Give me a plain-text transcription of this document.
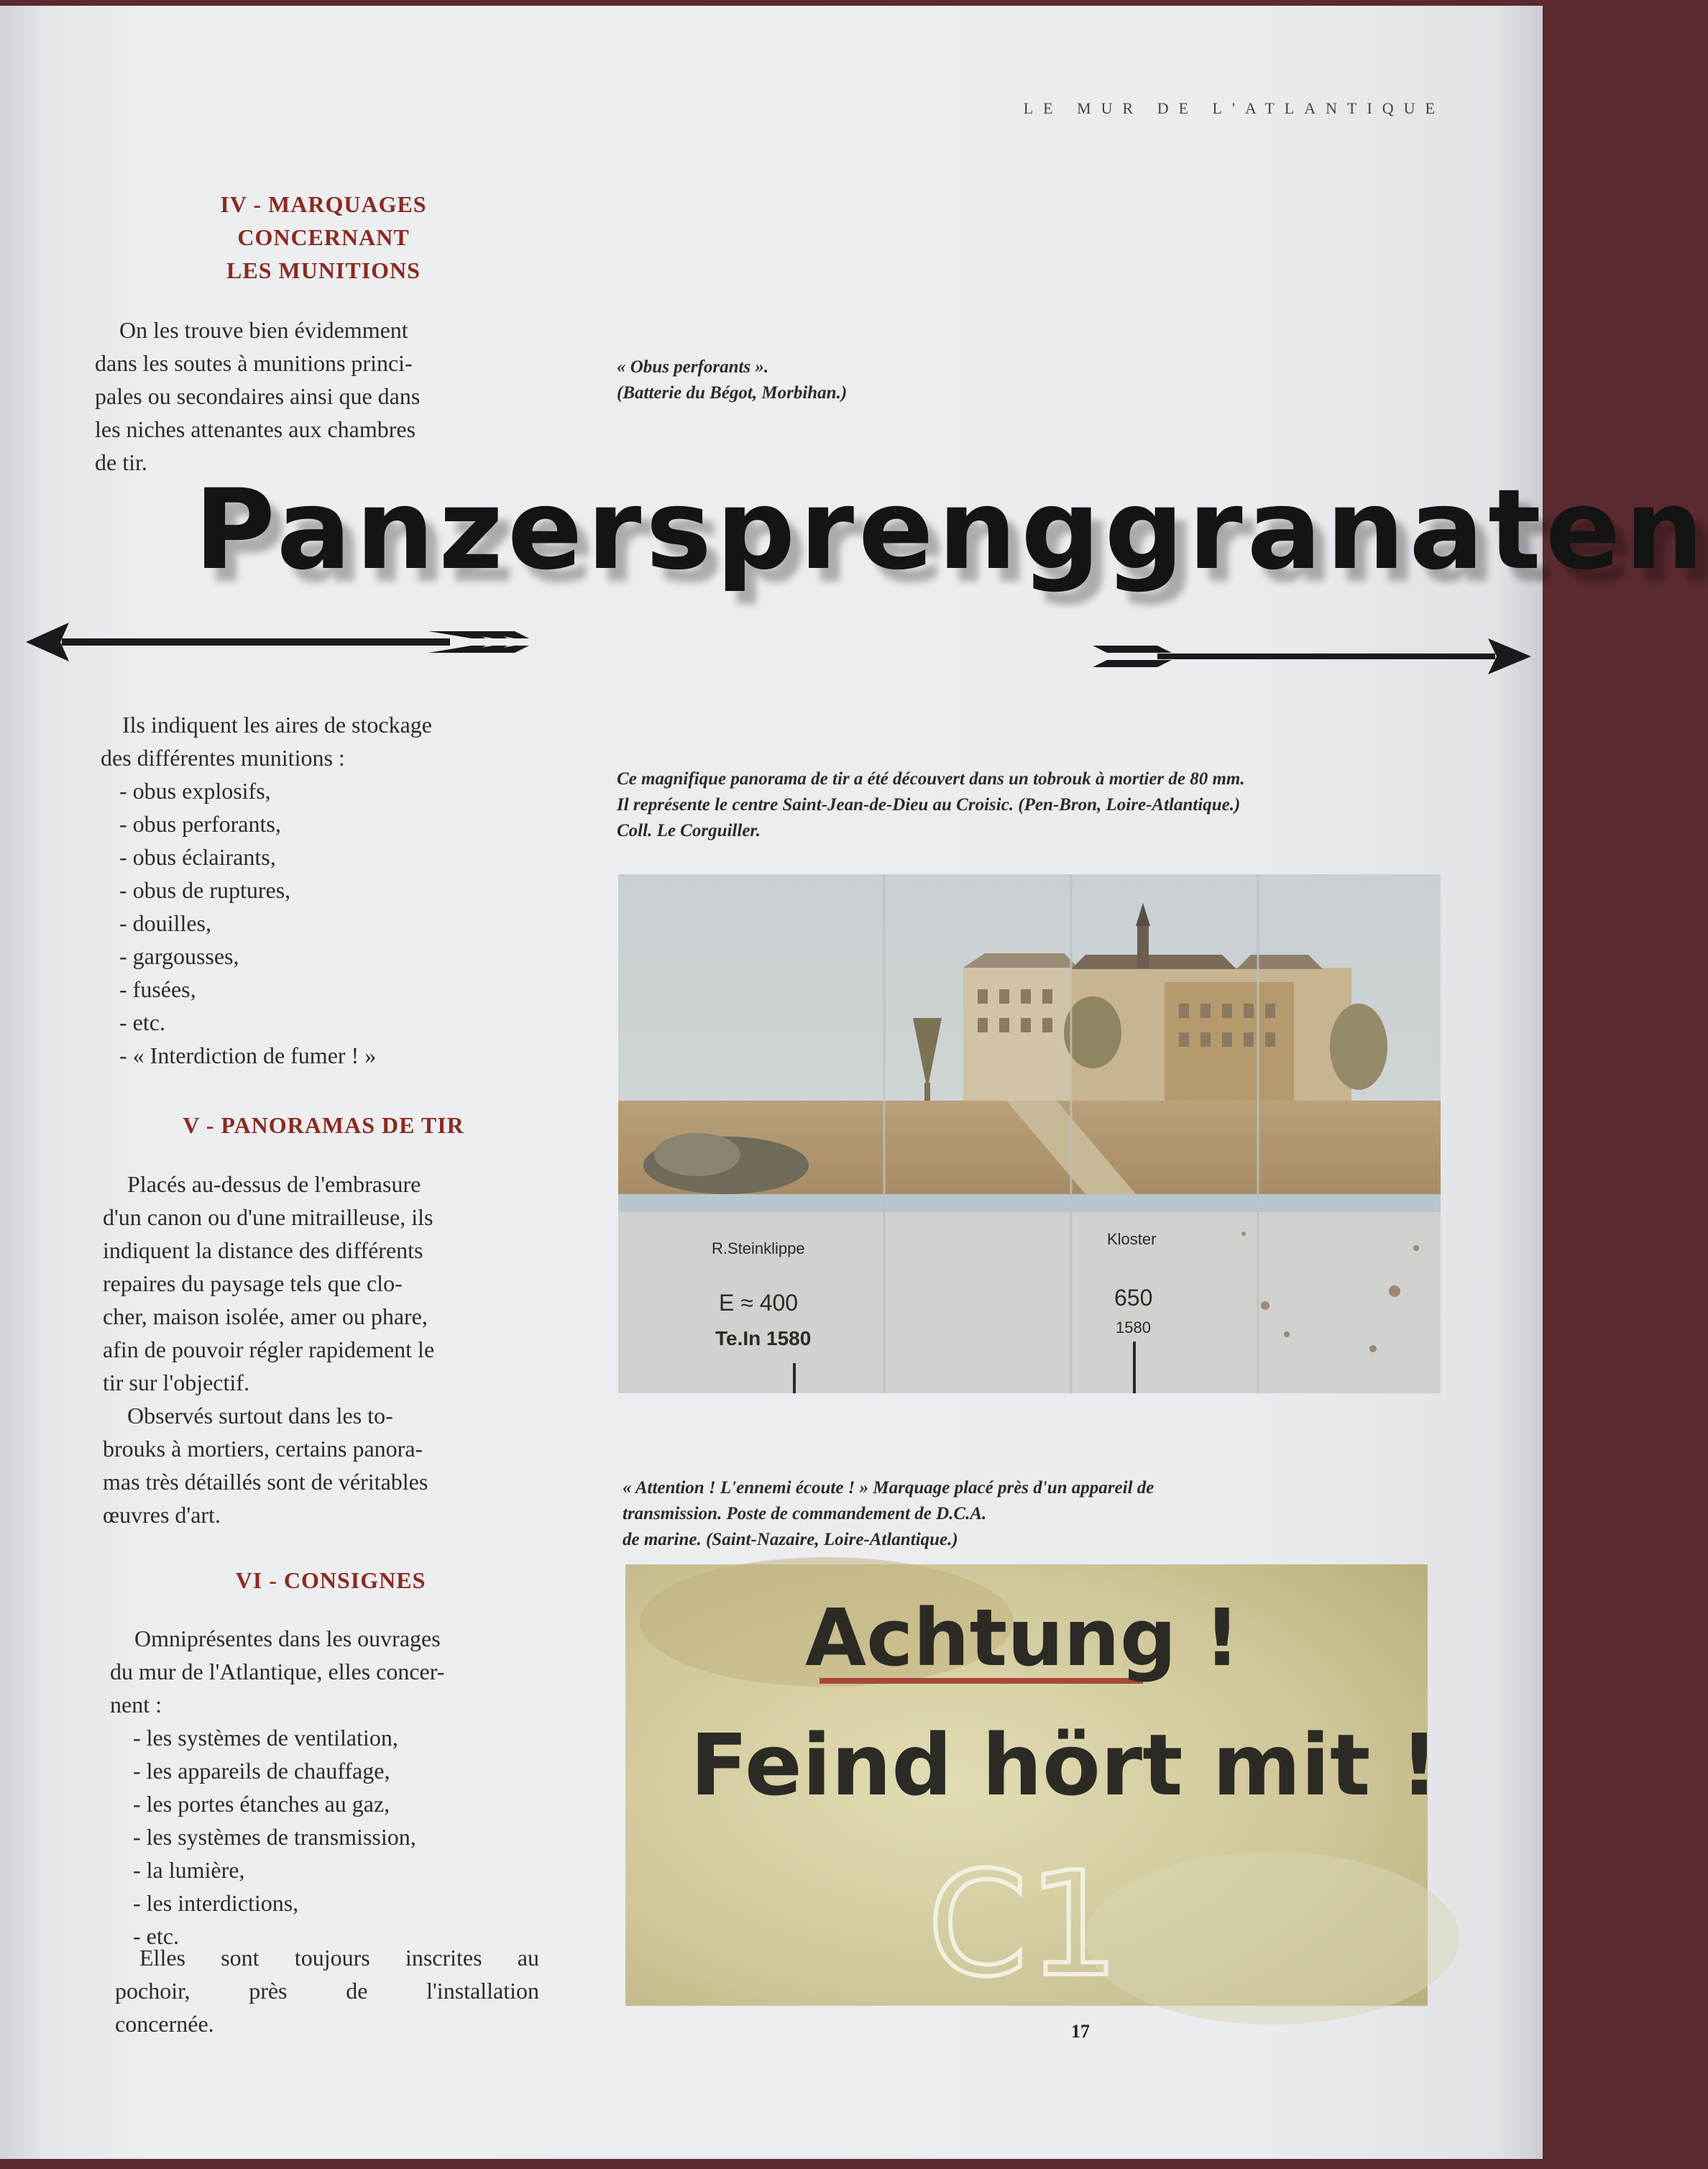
LE MUR DE L'ATLANTIQUE
IV - MARQUAGES
CONCERNANT
LES MUNITIONS
On les trouve bien évidemment
dans les soutes à munitions princi-
pales ou secondaires ainsi que dans
les niches attenantes aux chambres
de tir.
« Obus perforants ».
(Batterie du Bégot, Morbihan.)
Panzersprenggranaten
Ils indiquent les aires de stockage
des différentes munitions :
- obus explosifs,
- obus perforants,
- obus éclairants,
- obus de ruptures,
- douilles,
- gargousses,
- fusées,
- etc.
- « Interdiction de fumer ! »
Ce magnifique panorama de tir a été découvert dans un tobrouk à mortier de 80 mm.
Il représente le centre Saint-Jean-de-Dieu au Croisic. (Pen-Bron, Loire-Atlantique.)
Coll. Le Corguiller.
R.Steinklippe
E ≈ 400
Te.In 1580
Kloster
650
1580
V - PANORAMAS DE TIR
Placés au-dessus de l'embrasure
d'un canon ou d'une mitrailleuse, ils
indiquent la distance des différents
repaires du paysage tels que clo-
cher, maison isolée, amer ou phare,
afin de pouvoir régler rapidement le
tir sur l'objectif.
Observés surtout dans les to-
brouks à mortiers, certains panora-
mas très détaillés sont de véritables
œuvres d'art.
« Attention ! L'ennemi écoute ! » Marquage placé près d'un appareil de
transmission. Poste de commandement de D.C.A.
de marine. (Saint-Nazaire, Loire-Atlantique.)
Achtung !
Feind hört mit !
C1
VI - CONSIGNES
Omniprésentes dans les ouvrages
du mur de l'Atlantique, elles concer-
nent :
- les systèmes de ventilation,
- les appareils de chauffage,
- les portes étanches au gaz,
- les systèmes de transmission,
- la lumière,
- les interdictions,
- etc.
Elles sont toujours inscrites au
pochoir, près de l'installation
concernée.	17
